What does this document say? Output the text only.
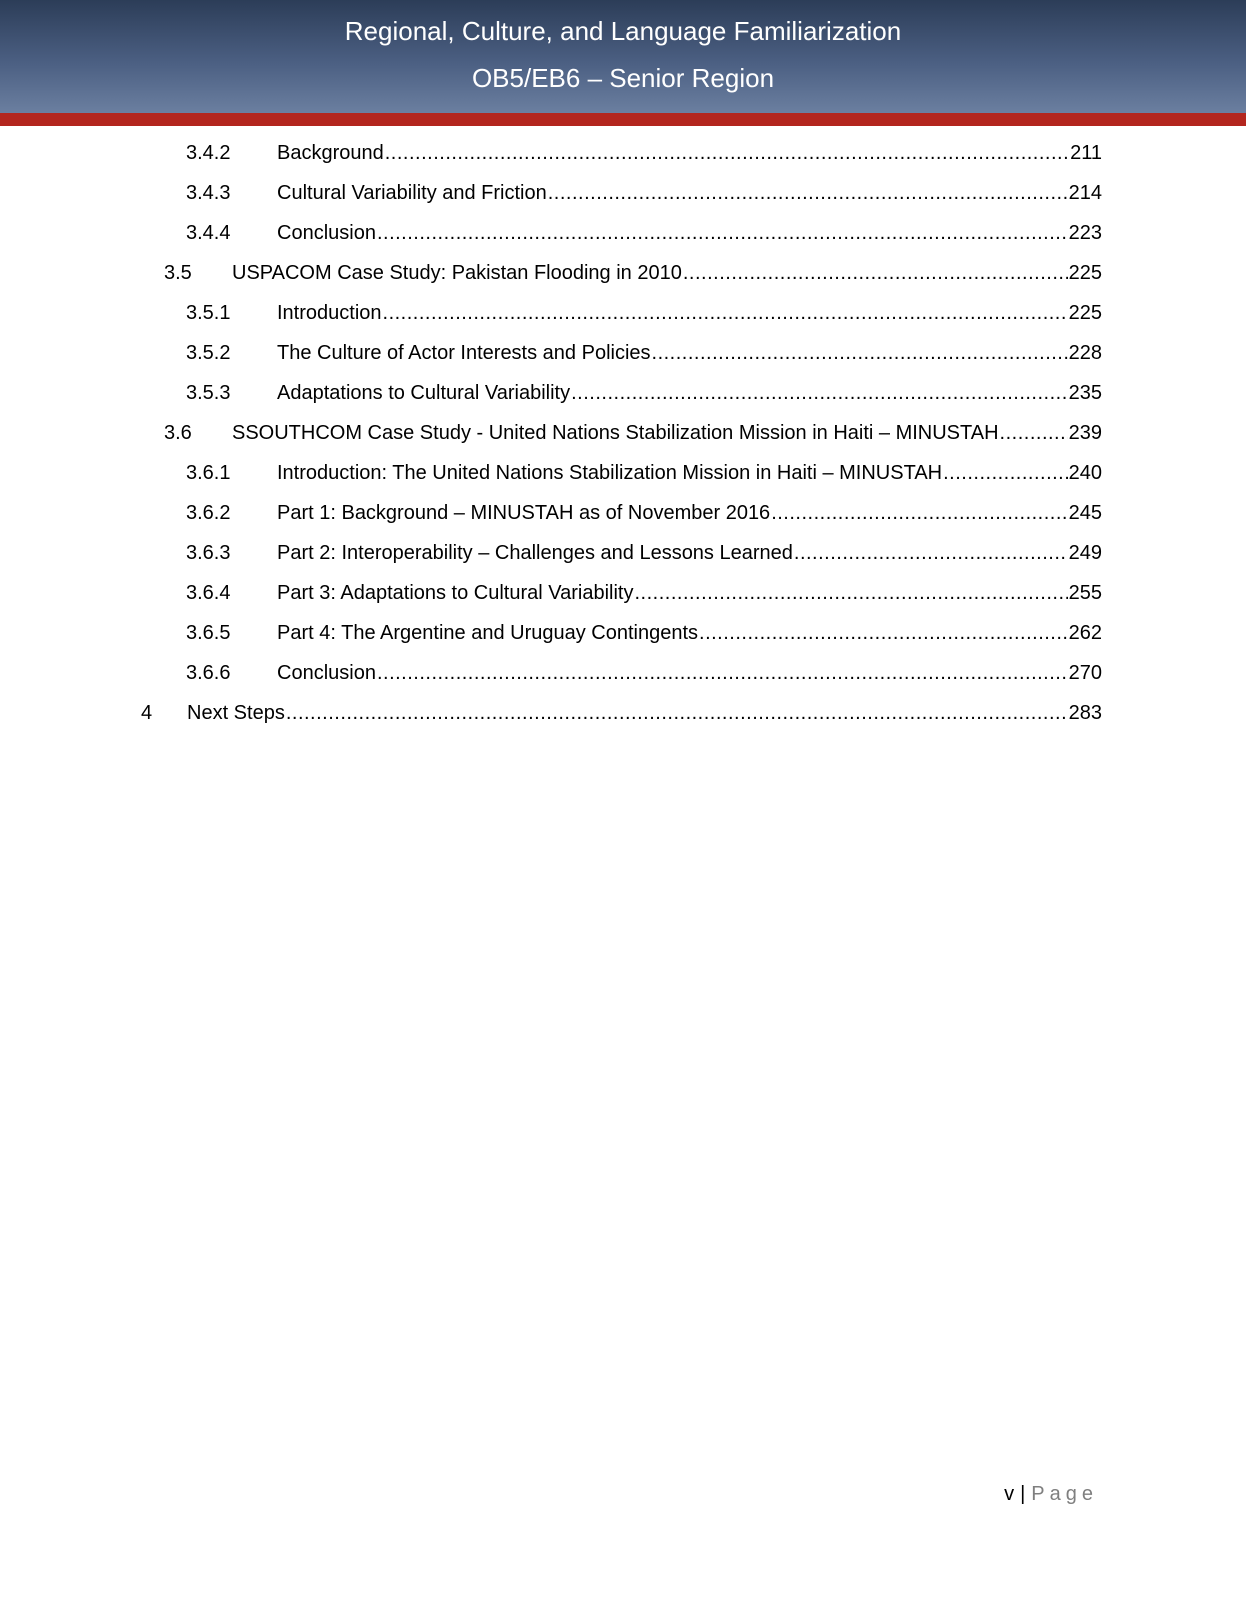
Regional, Culture, and Language Familiarization
OB5/EB6 – Senior Region
3.4.2 Background .....	211
3.4.3 Cultural Variability and Friction .....	214
3.4.4 Conclusion .....	223
3.5 USPACOM Case Study: Pakistan Flooding in 2010 .....	225
3.5.1 Introduction .....	225
3.5.2 The Culture of Actor Interests and Policies .....	228
3.5.3 Adaptations to Cultural Variability .....	235
3.6 SSOUTHCOM Case Study - United Nations Stabilization Mission in Haiti – MINUSTAH .....	239
3.6.1 Introduction: The United Nations Stabilization Mission in Haiti – MINUSTAH .....	240
3.6.2 Part 1: Background – MINUSTAH as of November 2016 .....	245
3.6.3 Part 2: Interoperability – Challenges and Lessons Learned .....	249
3.6.4 Part 3: Adaptations to Cultural Variability .....	255
3.6.5 Part 4: The Argentine and Uruguay Contingents .....	262
3.6.6 Conclusion .....	270
4 Next Steps .....	283
v | Page
